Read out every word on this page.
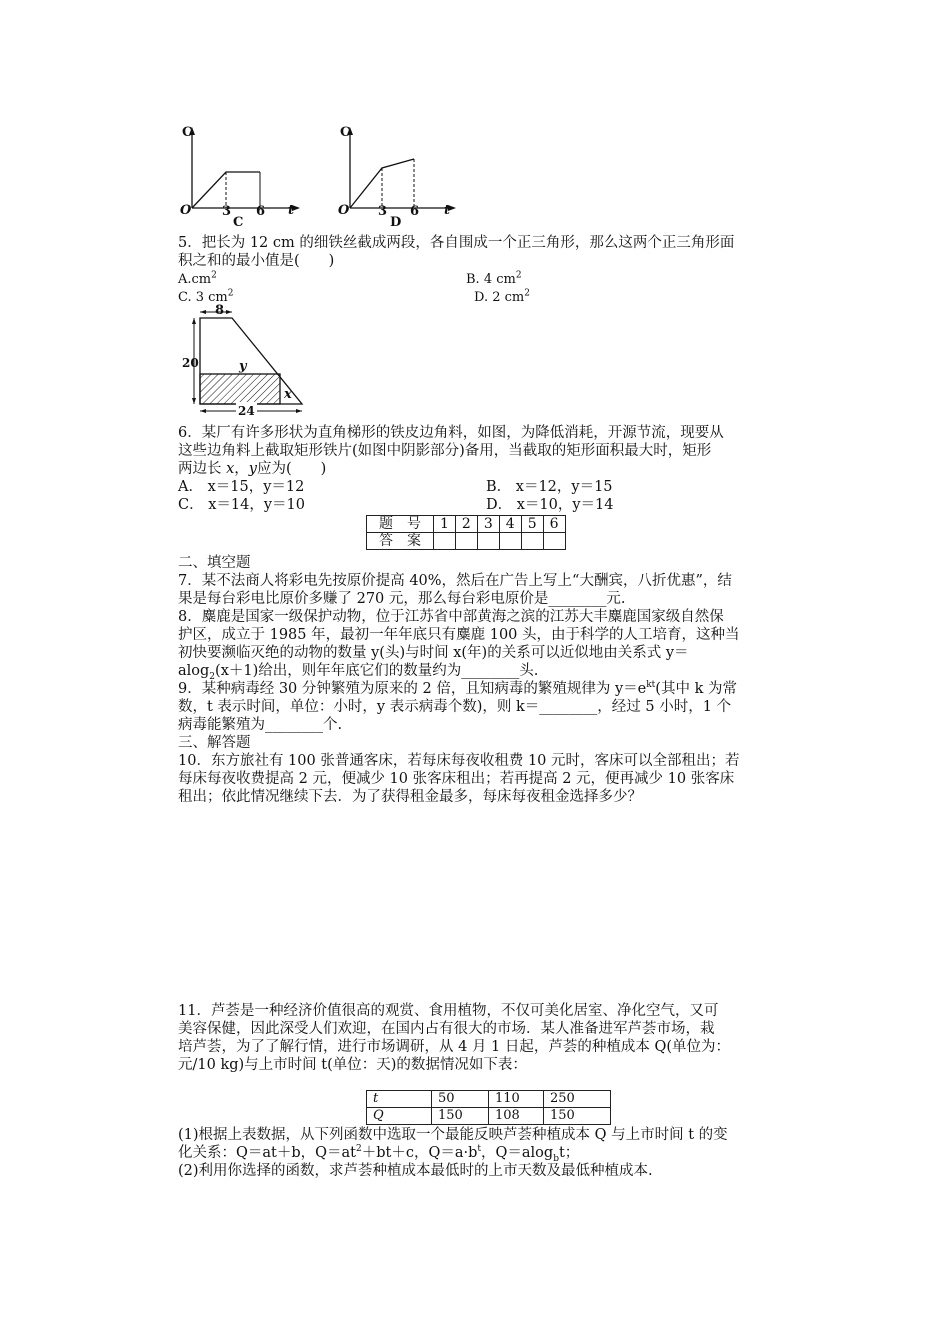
C
O 3 6 t
C
C
O 3 6 t
D
5．把长为 12 cm 的细铁丝截成两段，各自围成一个正三角形，那么这两个正三角形面
积之和的最小值是(　　)
$A.cm^2$	B. 4 $cm^2$
C. 3 $cm^2$	D. 2 $cm^2$
8
20	y
x
24
6．某厂有许多形状为直角梯形的铁皮边角料，如图，为降低消耗，开源节流，现要从
这些边角料上截取矩形铁片(如图中阴影部分)备用，当截取的矩形面积最大时，矩形
两边长 x，y应为(　　)
A． x＝15，y＝12	B． x＝12，y＝15
C． x＝14，y＝10	D． x＝10，y＝14
题　号	1	2	3	4	5	6
答　案						
二、填空题
7．某不法商人将彩电先按原价提高 40%，然后在广告上写上“大酬宾，八折优惠”，结
果是每台彩电比原价多赚了 270 元，那么每台彩电原价是________元.
8．麋鹿是国家一级保护动物，位于江苏省中部黄海之滨的江苏大丰麋鹿国家级自然保
护区，成立于 1985 年，最初一年年底只有麋鹿 100 头，由于科学的人工培育，这种当
初快要濒临灭绝的动物的数量 y(头)与时间 x(年)的关系可以近似地由关系式 y＝
alog$_2$(x＋1)给出，则年年底它们的数量约为________头.
9．某种病毒经 30 分钟繁殖为原来的 2 倍，且知病毒的繁殖规律为 $y=e^{kt}$(其中 k 为常
数，t 表示时间，单位：小时，y 表示病毒个数)，则 k＝________，经过 5 小时，1 个
病毒能繁殖为________个.
三、解答题
10．东方旅社有 100 张普通客床，若每床每夜收租费 10 元时，客床可以全部租出；若
每床每夜收费提高 2 元，便减少 10 张客床租出；若再提高 2 元，便再减少 10 张客床
租出；依此情况继续下去．为了获得租金最多，每床每夜租金选择多少？
11．芦荟是一种经济价值很高的观赏、食用植物，不仅可美化居室、净化空气，又可
美容保健，因此深受人们欢迎，在国内占有很大的市场．某人准备进军芦荟市场，栽
培芦荟，为了了解行情，进行市场调研，从 4 月 1 日起，芦荟的种植成本 Q(单位为：
元/10 kg)与上市时间 t(单位：天)的数据情况如下表：
t	50	110	250
Q	150	108	150
(1)根据上表数据，从下列函数中选取一个最能反映芦荟种植成本 Q 与上市时间 t 的变
化关系：Q＝at＋b，$Q=at^2+bt+c$，$Q=a\cdot b^t$，Q＝alog$_b$t；
(2)利用你选择的函数，求芦荟种植成本最低时的上市天数及最低种植成本.
